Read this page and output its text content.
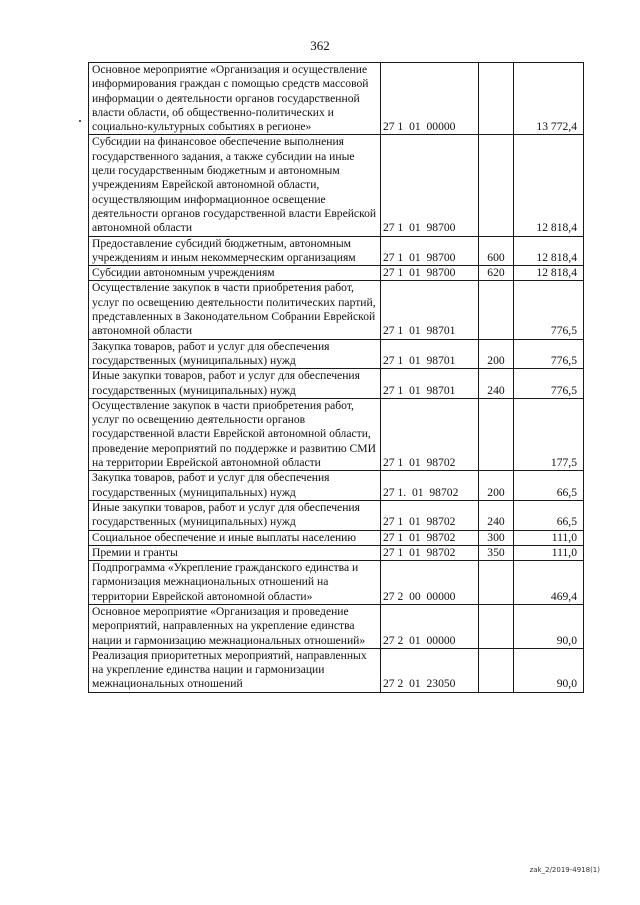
362
Основное мероприятие «Организация и осуществление информирования граждан с помощью средств массовой информации о деятельности органов государственной власти области, об общественно-политических и социально-культурных событиях в регионе»	27 1  01  00000		13 772,4
Субсидии на финансовое обеспечение выполнения государственного задания, а также субсидии на иные цели государственным бюджетным и автономным учреждениям Еврейской автономной области, осуществляющим информационное освещение деятельности органов государственной власти Еврейской автономной области	27 1  01  98700		12 818,4
Предоставление субсидий бюджетным, автономным учреждениям и иным некоммерческим организациям	27 1  01  98700	600	12 818,4
Субсидии автономным учреждениям	27 1  01  98700	620	12 818,4
Осуществление закупок в части приобретения работ, услуг по освещению деятельности политических партий, представленных в Законодательном Собрании Еврейской автономной области	27 1  01  98701		776,5
Закупка товаров, работ и услуг для обеспечения государственных (муниципальных) нужд	27 1  01  98701	200	776,5
Иные закупки товаров, работ и услуг для обеспечения государственных (муниципальных) нужд	27 1  01  98701	240	776,5
Осуществление закупок в части приобретения работ, услуг по освещению деятельности органов государственной власти Еврейской автономной области, проведение мероприятий по поддержке и развитию СМИ на территории Еврейской автономной области	27 1  01  98702		177,5
Закупка товаров, работ и услуг для обеспечения государственных (муниципальных) нужд	27 1.  01  98702	200	66,5
Иные закупки товаров, работ и услуг для обеспечения государственных (муниципальных) нужд	27 1  01  98702	240	66,5
Социальное обеспечение и иные выплаты населению	27 1  01  98702	300	111,0
Премии и гранты	27 1  01  98702	350	111,0
Подпрограмма «Укрепление гражданского единства и гармонизация межнациональных отношений на территории Еврейской автономной области»	27 2  00  00000		469,4
Основное мероприятие «Организация и проведение мероприятий, направленных на укрепление единства нации и гармонизацию межнациональных отношений»	27 2  01  00000		90,0
Реализация приоритетных мероприятий, направленных на укрепление единства нации и гармонизации межнациональных отношений	27 2  01  23050		90,0
zak_2/2019-4918(1)
